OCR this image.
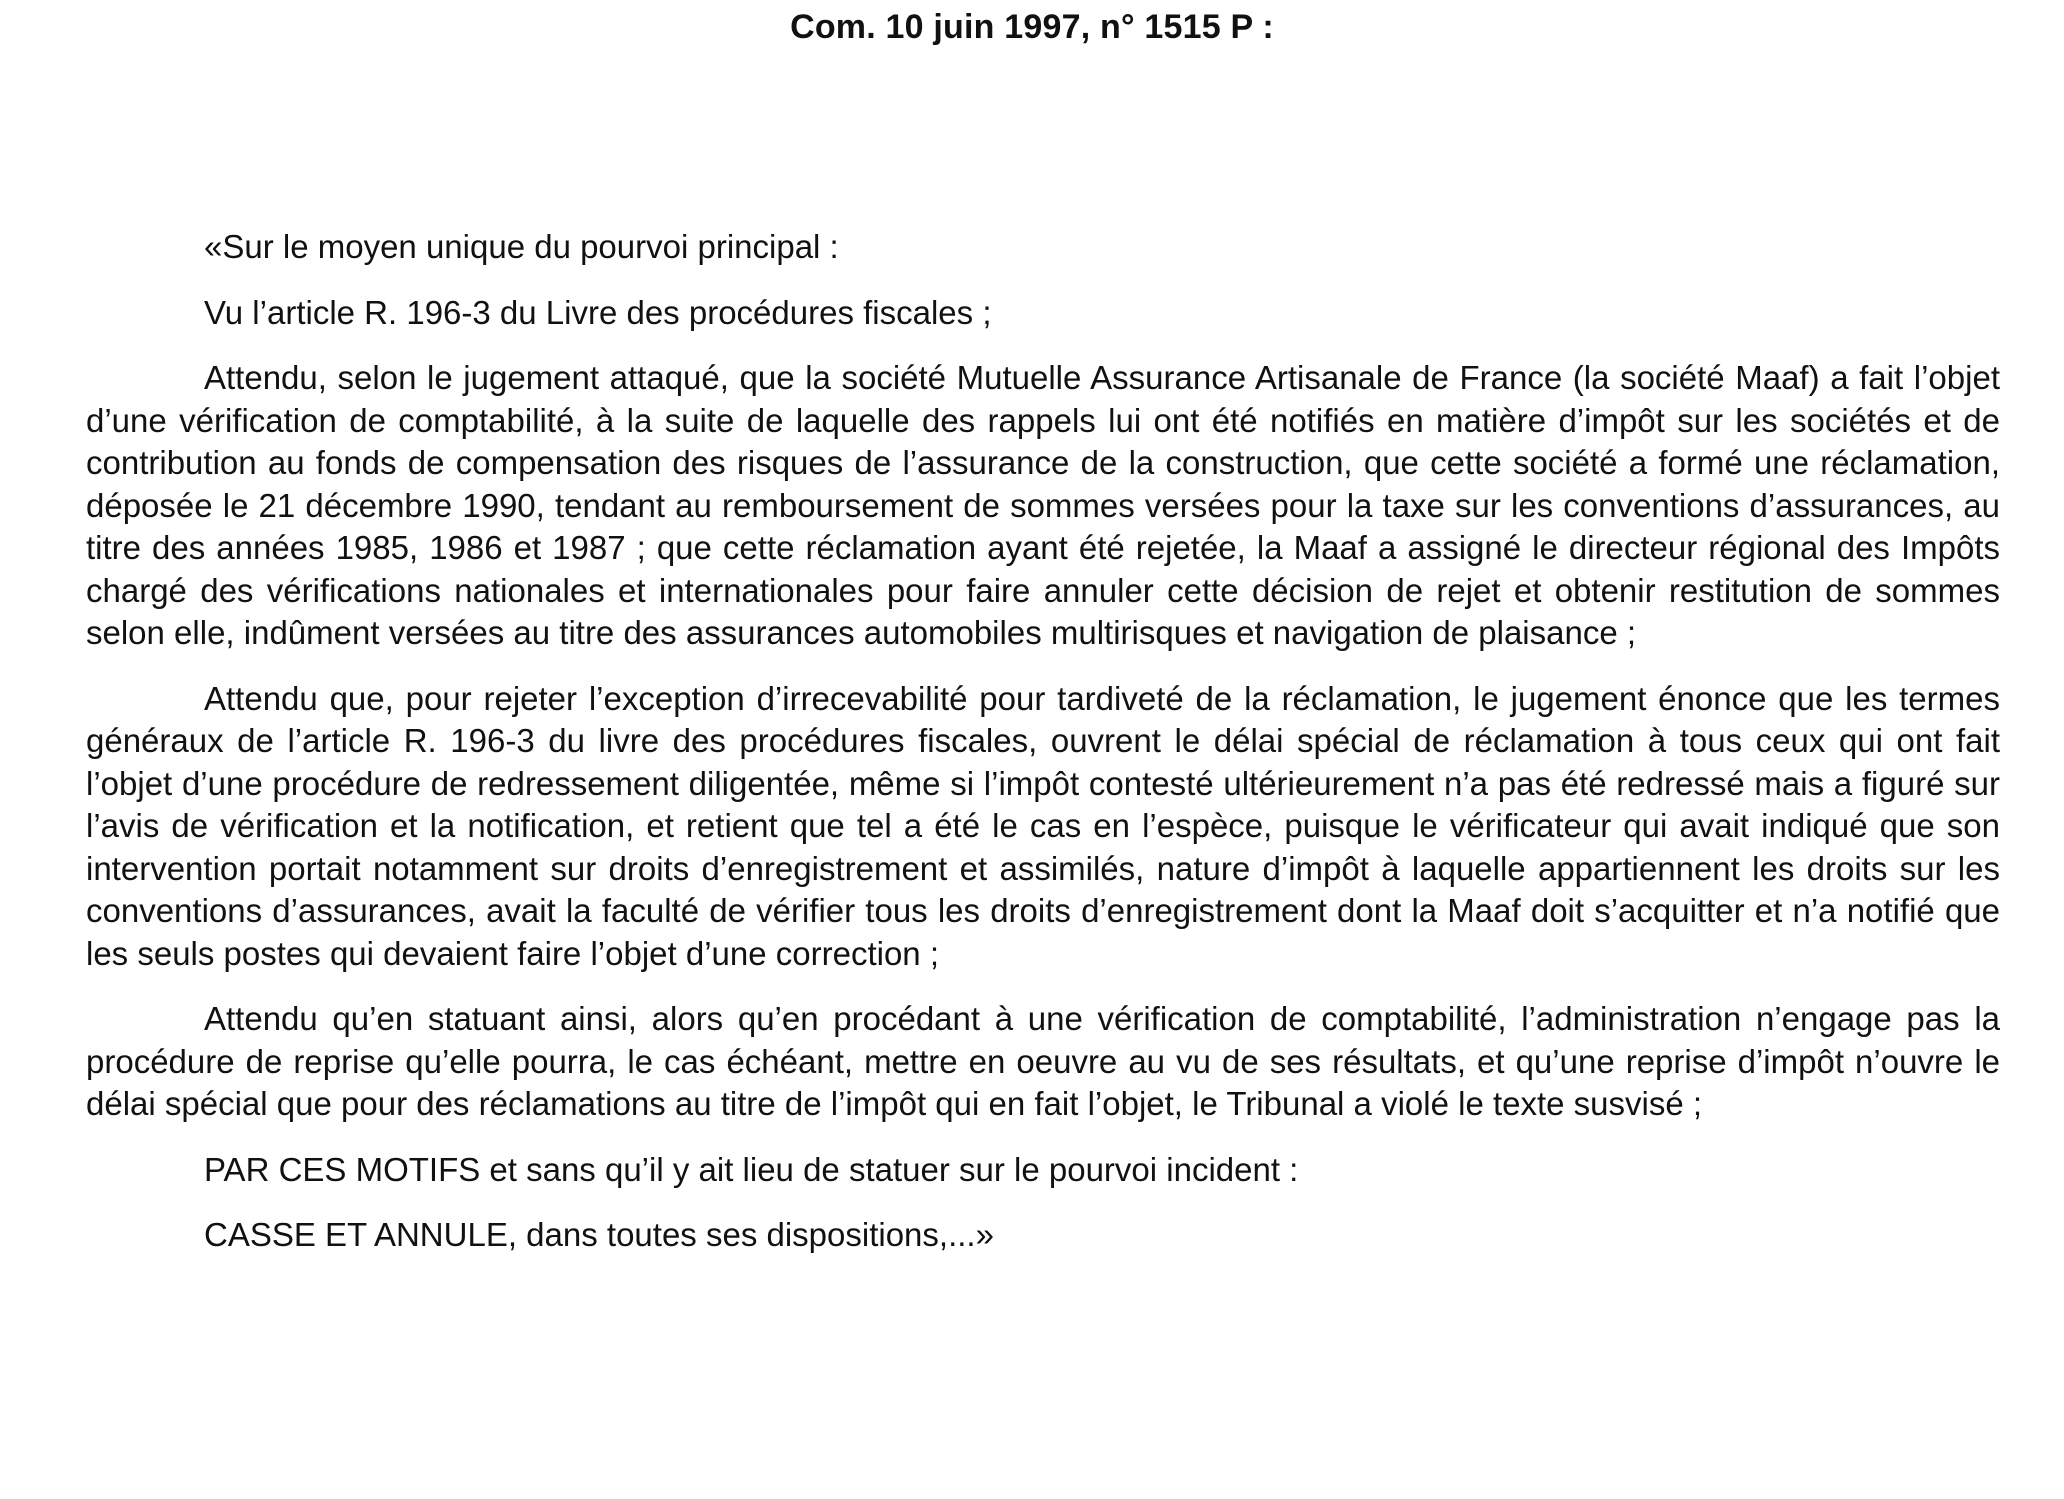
Com. 10 juin 1997, n° 1515 P :

«Sur le moyen unique du pourvoi principal :

Vu l’article R. 196-3 du Livre des procédures fiscales ;

Attendu, selon le jugement attaqué, que la société Mutuelle Assurance Artisanale de France (la société Maaf) a fait l’objet d’une vérification de comptabilité, à la suite de laquelle des rappels lui ont été notifiés en matière d’impôt sur les sociétés et de contribution au fonds de compensation des risques de l’assurance de la construction, que cette société a formé une réclamation, déposée le 21 décembre 1990, tendant au remboursement de sommes versées pour la taxe sur les conventions d’assurances, au titre des années 1985, 1986 et 1987 ; que cette réclamation ayant été rejetée, la Maaf a assigné le directeur régional des Impôts chargé des vérifications nationales et internationales pour faire annuler cette décision de rejet et obtenir restitution de sommes selon elle, indûment versées au titre des assurances automobiles multirisques et navigation de plaisance ;

Attendu que, pour rejeter l’exception d’irrecevabilité pour tardiveté de la réclamation, le jugement énonce que les termes généraux de l’article R. 196-3 du livre des procédures fiscales, ouvrent le délai spécial de réclamation à tous ceux qui ont fait l’objet d’une procédure de redressement diligentée, même si l’impôt contesté ultérieurement n’a pas été redressé mais a figuré sur l’avis de vérification et la notification, et retient que tel a été le cas en l’espèce, puisque le vérificateur qui avait indiqué que son intervention portait notamment sur droits d’enregistrement et assimilés, nature d’impôt à laquelle appartiennent les droits sur les conventions d’assurances, avait la faculté de vérifier tous les droits d’enregistrement dont la Maaf doit s’acquitter et n’a notifié que les seuls postes qui devaient faire l’objet d’une correction ;

Attendu qu’en statuant ainsi, alors qu’en procédant à une vérification de comptabilité, l’administration n’engage pas la procédure de reprise qu’elle pourra, le cas échéant, mettre en oeuvre au vu de ses résultats, et qu’une reprise d’impôt n’ouvre le délai spécial que pour des réclamations au titre de l’impôt qui en fait l’objet, le Tribunal a violé le texte susvisé ;

PAR CES MOTIFS et sans qu’il y ait lieu de statuer sur le pourvoi incident :

CASSE ET ANNULE, dans toutes ses dispositions,...»
